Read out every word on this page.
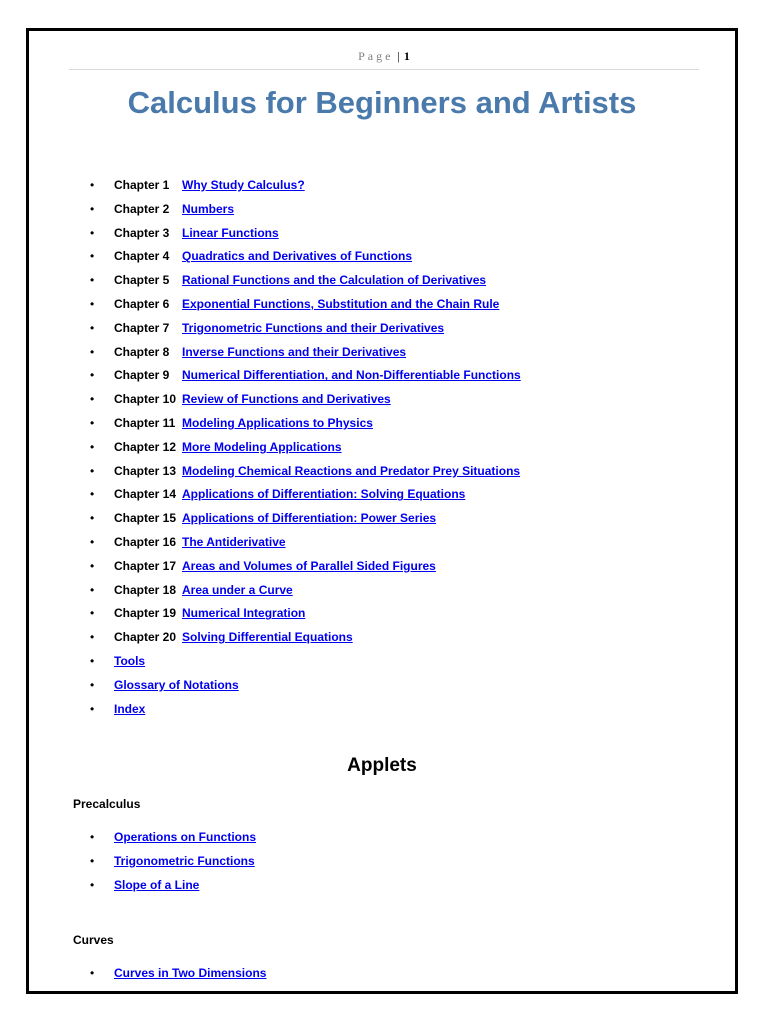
Page | 1
Calculus for Beginners and Artists
• Chapter 1 Why Study Calculus?
• Chapter 2 Numbers
• Chapter 3 Linear Functions
• Chapter 4 Quadratics and Derivatives of Functions
• Chapter 5 Rational Functions and the Calculation of Derivatives
• Chapter 6 Exponential Functions, Substitution and the Chain Rule
• Chapter 7 Trigonometric Functions and their Derivatives
• Chapter 8 Inverse Functions and their Derivatives
• Chapter 9 Numerical Differentiation, and Non-Differentiable Functions
• Chapter 10 Review of Functions and Derivatives
• Chapter 11 Modeling Applications to Physics
• Chapter 12 More Modeling Applications
• Chapter 13 Modeling Chemical Reactions and Predator Prey Situations
• Chapter 14 Applications of Differentiation: Solving Equations
• Chapter 15 Applications of Differentiation: Power Series
• Chapter 16 The Antiderivative
• Chapter 17 Areas and Volumes of Parallel Sided Figures
• Chapter 18 Area under a Curve
• Chapter 19 Numerical Integration
• Chapter 20 Solving Differential Equations
• Tools
• Glossary of Notations
• Index
Applets
Precalculus
• Operations on Functions
• Trigonometric Functions
• Slope of a Line
Curves
• Curves in Two Dimensions
